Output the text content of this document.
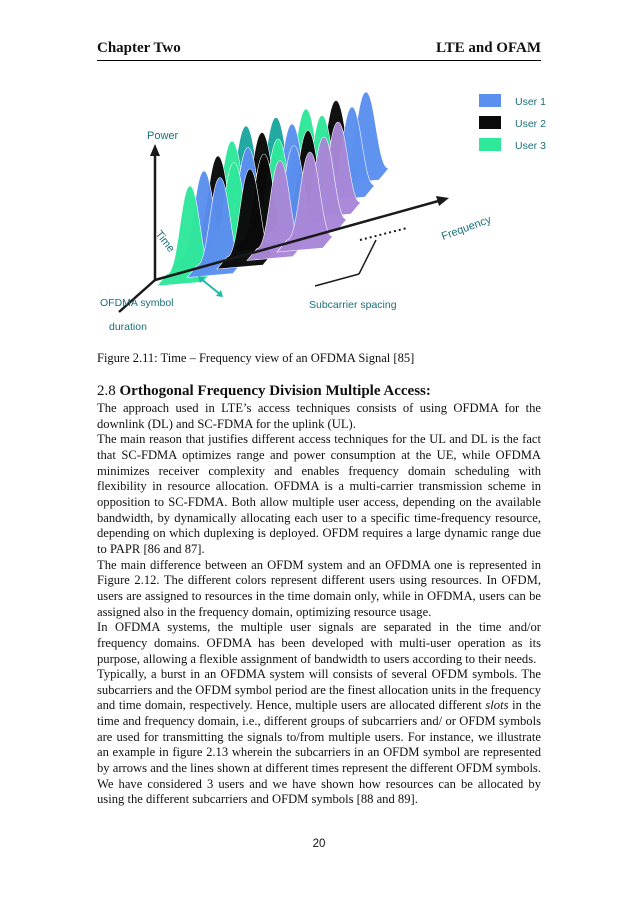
Chapter Two	LTE and OFAM
Power
Time	Frequency
OFDMA symbol
duration
Subcarrier spacing
User 1
User 2
User 3
Figure 2.11: Time – Frequency view of an OFDMA Signal [85]
2.8 Orthogonal Frequency Division Multiple Access:

The approach used in LTE’s access techniques consists of using OFDMA for the downlink (DL) and SC-FDMA for the uplink (UL).

The main reason that justifies different access techniques for the UL and DL is the fact that SC-FDMA optimizes range and power consumption at the UE, while OFDMA minimizes receiver complexity and enables frequency domain scheduling with flexibility in resource allocation. OFDMA is a multi-carrier transmission scheme in opposition to SC-FDMA. Both allow multiple user access, depending on the available bandwidth, by dynamically allocating each user to a specific time-frequency resource, depending on which duplexing is deployed. OFDM requires a large dynamic range due to PAPR [86 and 87].

The main difference between an OFDM system and an OFDMA one is represented in Figure 2.12. The different colors represent different users using resources. In OFDM, users are assigned to resources in the time domain only, while in OFDMA, users can be assigned also in the frequency domain, optimizing resource usage.

In OFDMA systems, the multiple user signals are separated in the time and/or frequency domains. OFDMA has been developed with multi-user operation as its purpose, allowing a flexible assignment of bandwidth to users according to their needs.

Typically, a burst in an OFDMA system will consists of several OFDM symbols. The subcarriers and the OFDM symbol period are the finest allocation units in the frequency and time domain, respectively. Hence, multiple users are allocated different slots in the time and frequency domain, i.e., different groups of subcarriers and/ or OFDM symbols are used for transmitting the signals to/from multiple users. For instance, we illustrate an example in figure 2.13 wherein the subcarriers in an OFDM symbol are represented by arrows and the lines shown at different times represent the different OFDM symbols. We have considered 3 users and we have shown how resources can be allocated by using the different subcarriers and OFDM symbols [88 and 89].

20
